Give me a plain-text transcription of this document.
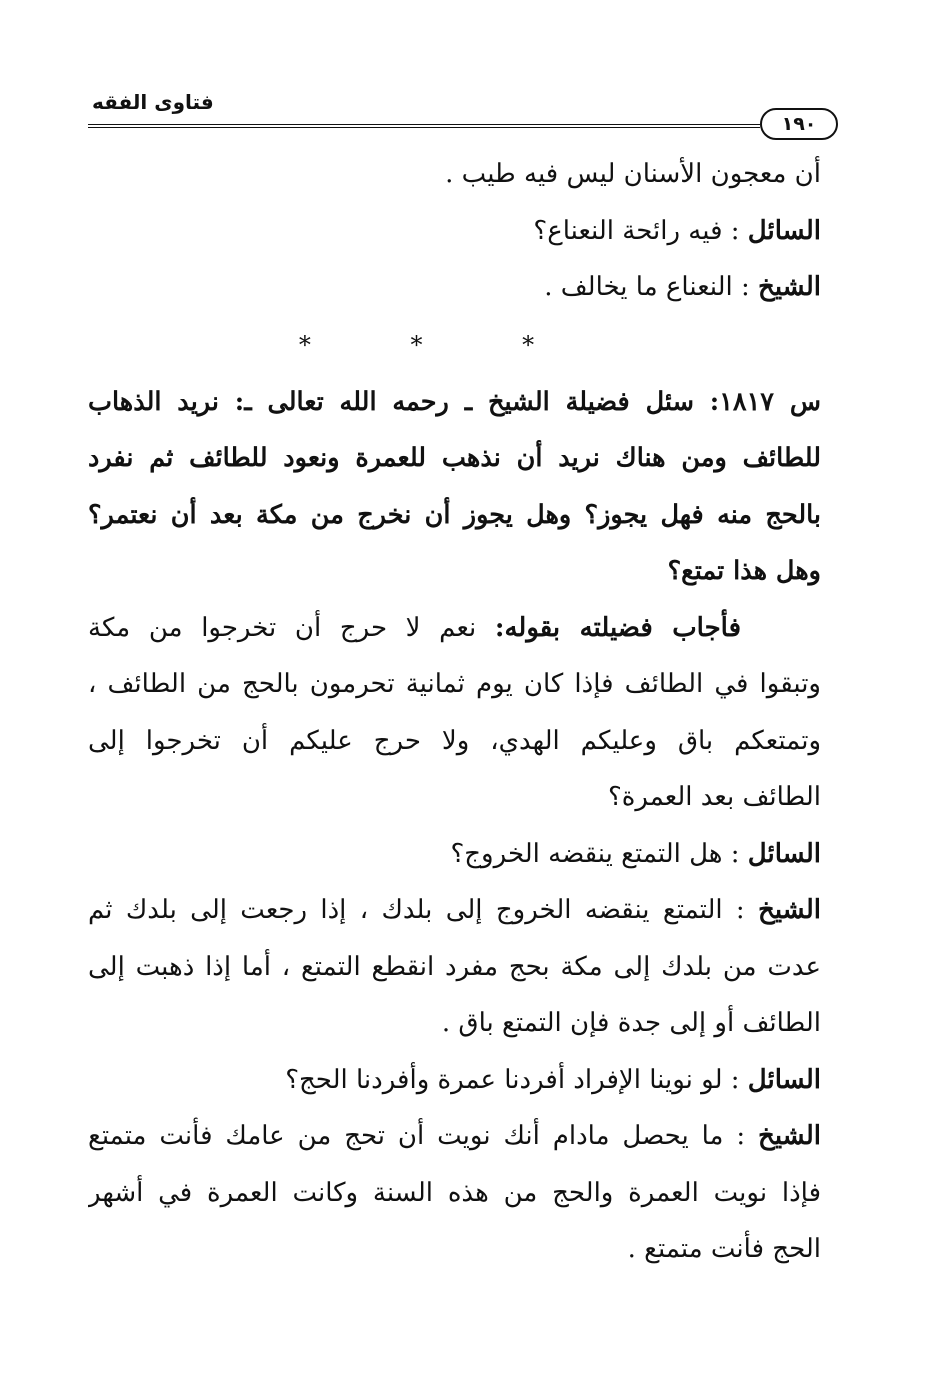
فتاوى الفقه
١٩٠
أن معجون الأسنان ليس فيه طيب .
السائل : فيه رائحة النعناع؟
الشيخ : النعناع ما يخالف .
* * *
س ١٨١٧: سئل فضيلة الشيخ ـ رحمه الله تعالى ـ: نريد الذهاب
للطائف ومن هناك نريد أن نذهب للعمرة ونعود للطائف ثم نفرد
بالحج منه فهل يجوز؟ وهل يجوز أن نخرج من مكة بعد أن نعتمر؟
وهل هذا تمتع؟
فأجاب فضيلته بقوله: نعم لا حرج أن تخرجوا من مكة
وتبقوا في الطائف فإذا كان يوم ثمانية تحرمون بالحج من الطائف ،
وتمتعكم باق وعليكم الهدي، ولا حرج عليكم أن تخرجوا إلى
الطائف بعد العمرة؟
السائل : هل التمتع ينقضه الخروج؟
الشيخ : التمتع ينقضه الخروج إلى بلدك ، إذا رجعت إلى بلدك ثم
عدت من بلدك إلى مكة بحج مفرد انقطع التمتع ، أما إذا ذهبت إلى
الطائف أو إلى جدة فإن التمتع باق .
السائل : لو نوينا الإفراد أفردنا عمرة وأفردنا الحج؟
الشيخ : ما يحصل مادام أنك نويت أن تحج من عامك فأنت متمتع
فإذا نويت العمرة والحج من هذه السنة وكانت العمرة في أشهر
الحج فأنت متمتع .
